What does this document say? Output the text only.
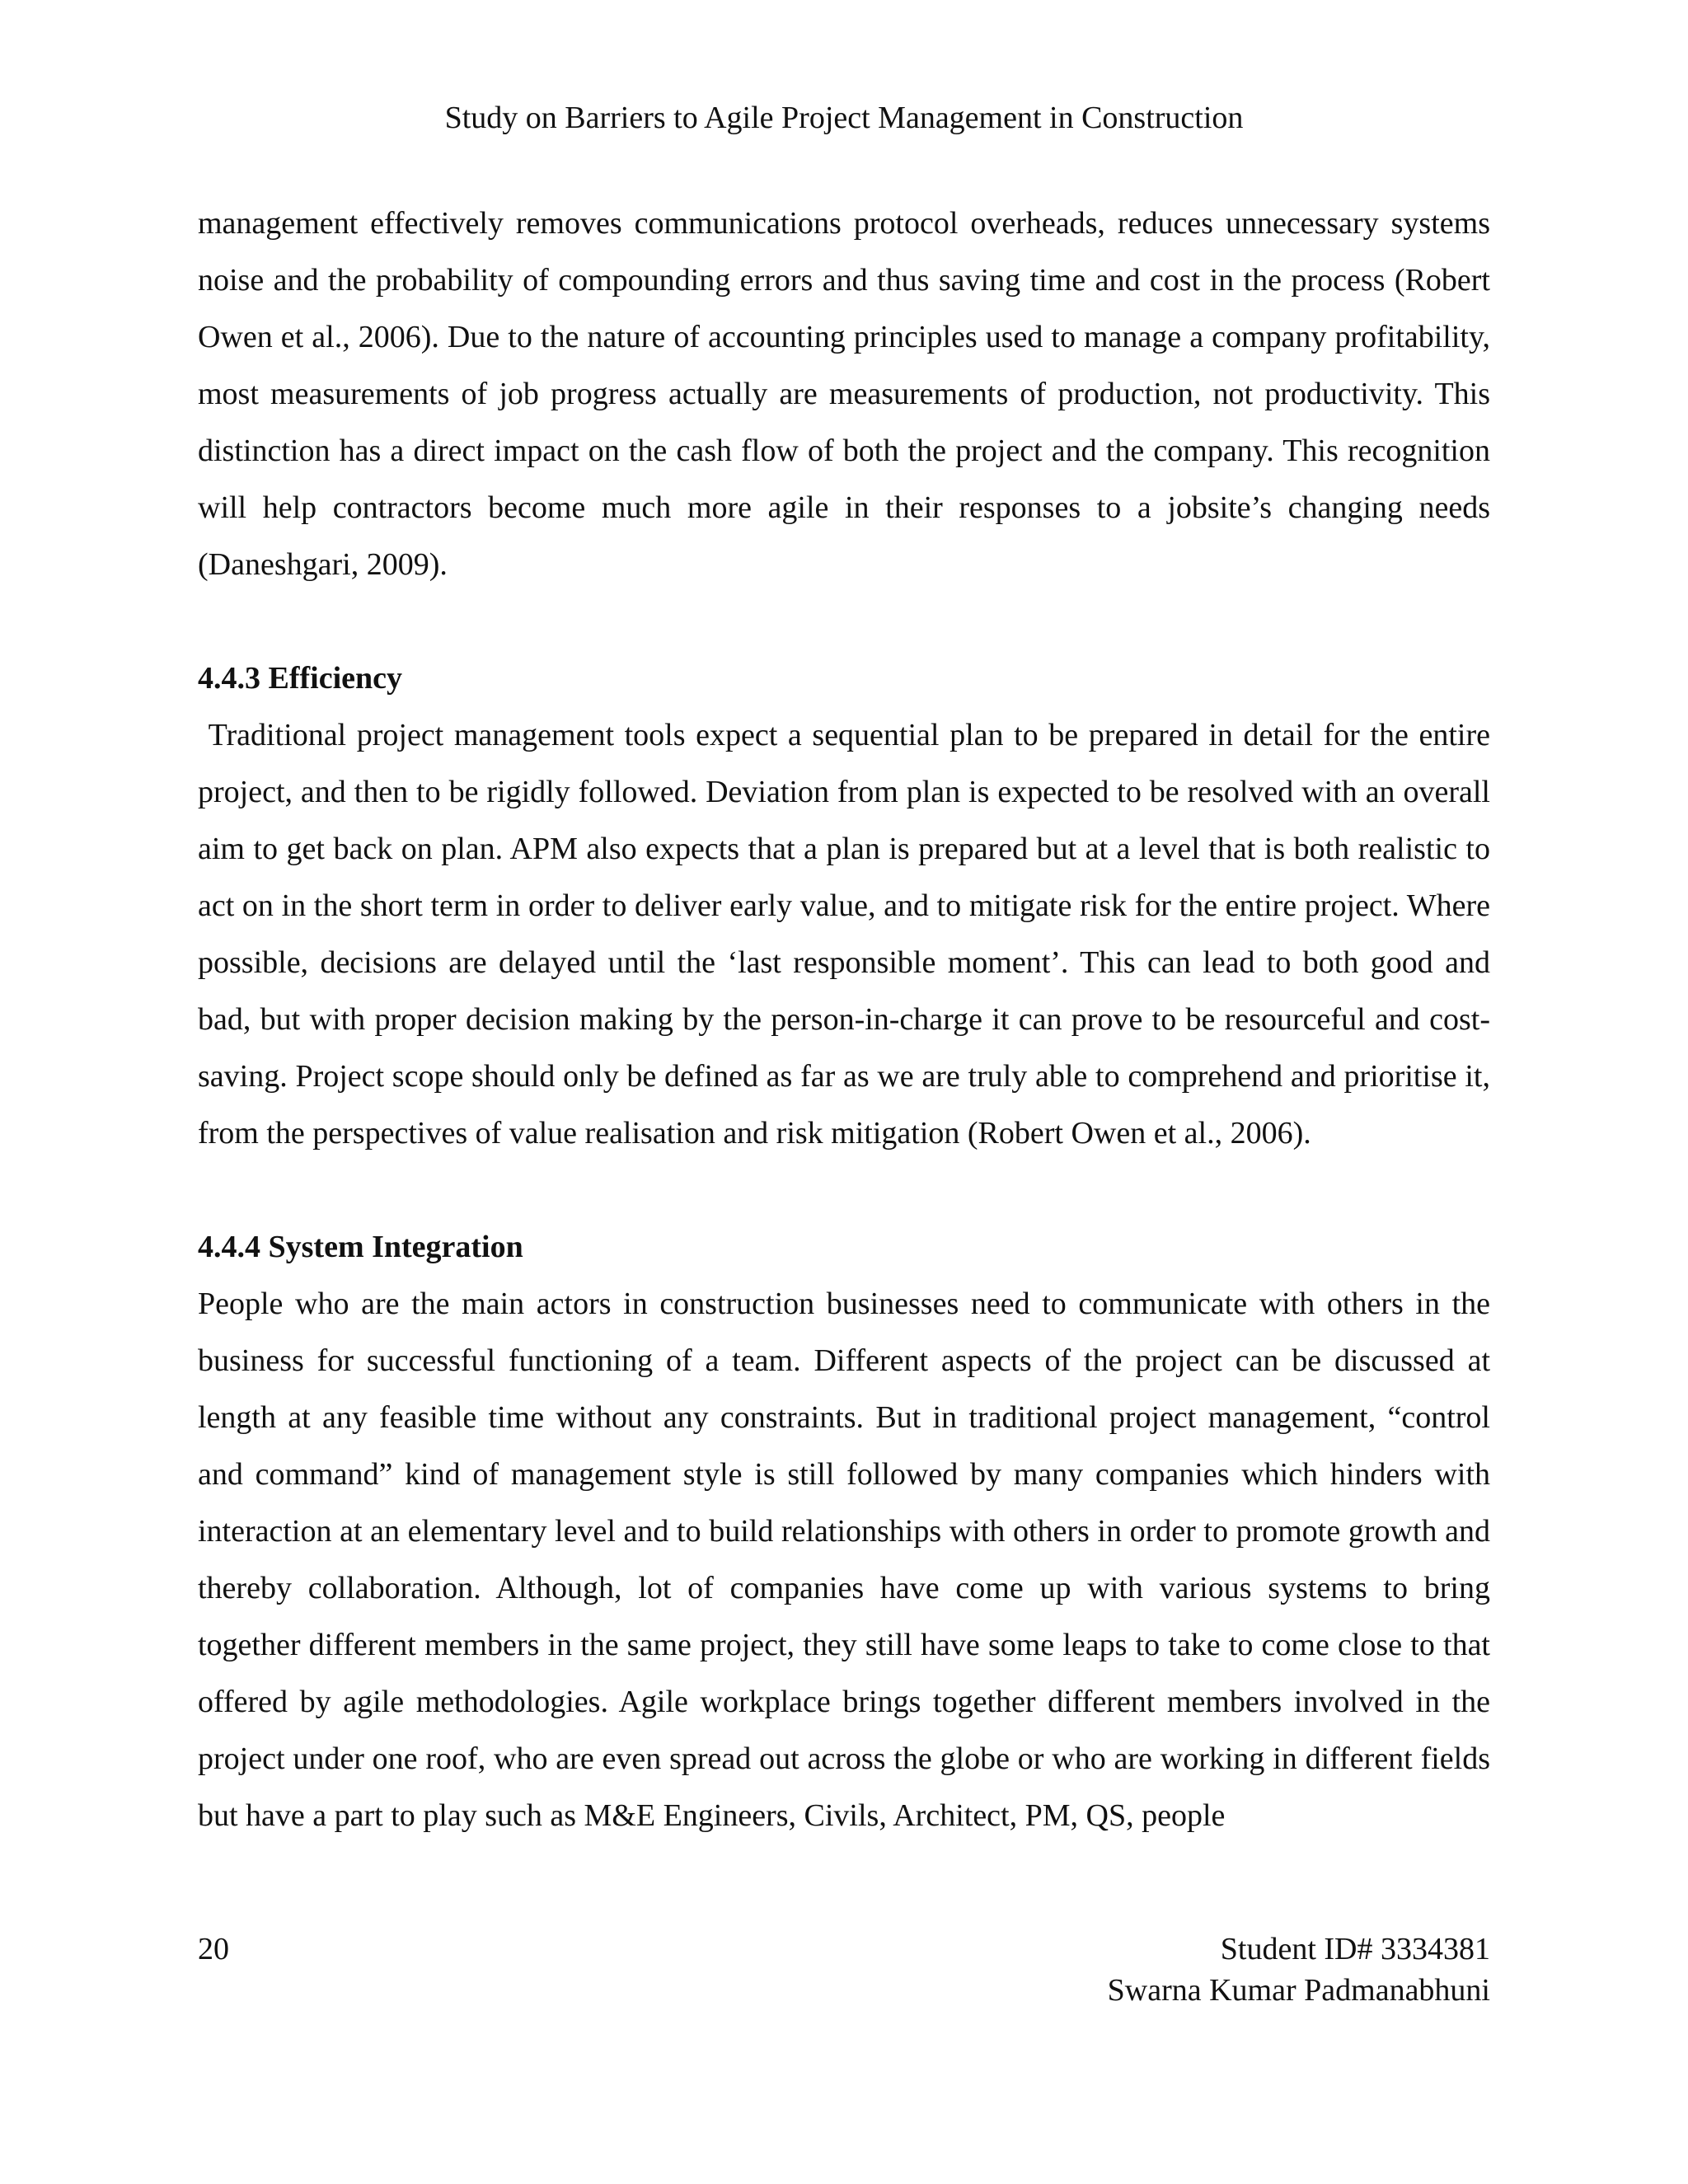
Study on Barriers to Agile Project Management in Construction

management effectively removes communications protocol overheads, reduces unnecessary systems noise and the probability of compounding errors and thus saving time and cost in the process (Robert Owen et al., 2006). Due to the nature of accounting principles used to manage a company profitability, most measurements of job progress actually are measurements of production, not productivity. This distinction has a direct impact on the cash flow of both the project and the company. This recognition will help contractors become much more agile in their responses to a jobsite’s changing needs (Daneshgari, 2009).

4.4.3 Efficiency

Traditional project management tools expect a sequential plan to be prepared in detail for the entire project, and then to be rigidly followed. Deviation from plan is expected to be resolved with an overall aim to get back on plan. APM also expects that a plan is prepared but at a level that is both realistic to act on in the short term in order to deliver early value, and to mitigate risk for the entire project. Where possible, decisions are delayed until the ‘last responsible moment’. This can lead to both good and bad, but with proper decision making by the person-in-charge it can prove to be resourceful and cost-saving. Project scope should only be defined as far as we are truly able to comprehend and prioritise it, from the perspectives of value realisation and risk mitigation (Robert Owen et al., 2006).

4.4.4 System Integration

People who are the main actors in construction businesses need to communicate with others in the business for successful functioning of a team. Different aspects of the project can be discussed at length at any feasible time without any constraints. But in traditional project management, “control and command” kind of management style is still followed by many companies which hinders with interaction at an elementary level and to build relationships with others in order to promote growth and thereby collaboration. Although, lot of companies have come up with various systems to bring together different members in the same project, they still have some leaps to take to come close to that offered by agile methodologies. Agile workplace brings together different members involved in the project under one roof, who are even spread out across the globe or who are working in different fields but have a part to play such as M&E Engineers, Civils, Architect, PM, QS, people

20	Student ID# 3334381
Swarna Kumar Padmanabhuni
